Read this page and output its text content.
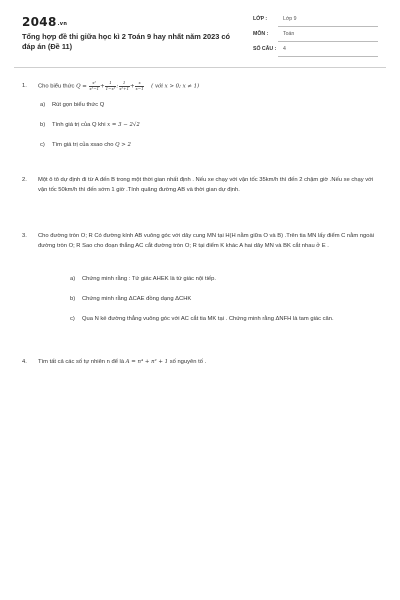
$2048^{.vn}$
Tổng hợp đề thi giữa học kì 2 Toán 9 hay nhất năm 2023 có đáp án (Đề 11)
LỚP :	Lớp 9
MÔN :	Toán
SỐ CÂU : 4
1. Cho biểu thức $Q = \frac{\text{x²}}{\text{x²−1}} + \frac{1}{\text{1−x²}}$ : $\frac{1}{\text{x²+1}} + \frac{x}{x-1}$ ( với x > 0; x ≠ 1)
a) Rút gọn biểu thức Q
b) Tính giá trị của Q khi x = 3 − 2√2
c) Tìm giá trị của xsao cho Q > 2
2. Một ô tô dự định đi từ A đến B trong một thời gian nhất định . Nếu xe chạy với vận tốc 35km/h thì đến 2 chậm giờ .Nếu xe chạy với vận tốc 50km/h thì đến sớm 1 giờ .Tính quãng đường AB và thời gian dự định.
3. Cho đường tròn O; R Có đường kính AB vuông góc với dây cung MN tại H(H nằm giữa O và B) .Trên tia MN lấy điểm C nằm ngoài đường tròn O; R Sao cho đoạn thẳng AC cắt đường tròn O; R tại điểm K khác A hai dây MN và BK cắt nhau ở E .
a) Chứng minh rằng : Tứ giác AHEK là tứ giác nội tiếp.
b) Chứng minh rằng ΔCAE đồng dạng ΔCHK
c) Qua N kẻ đường thẳng vuông góc với AC cắt tia MK tại . Chứng minh rằng ΔNFH là tam giác cân.
4. Tìm tất cả các số tự nhiên n để là A = n⁴ + n² + 1 số nguyên tố .
